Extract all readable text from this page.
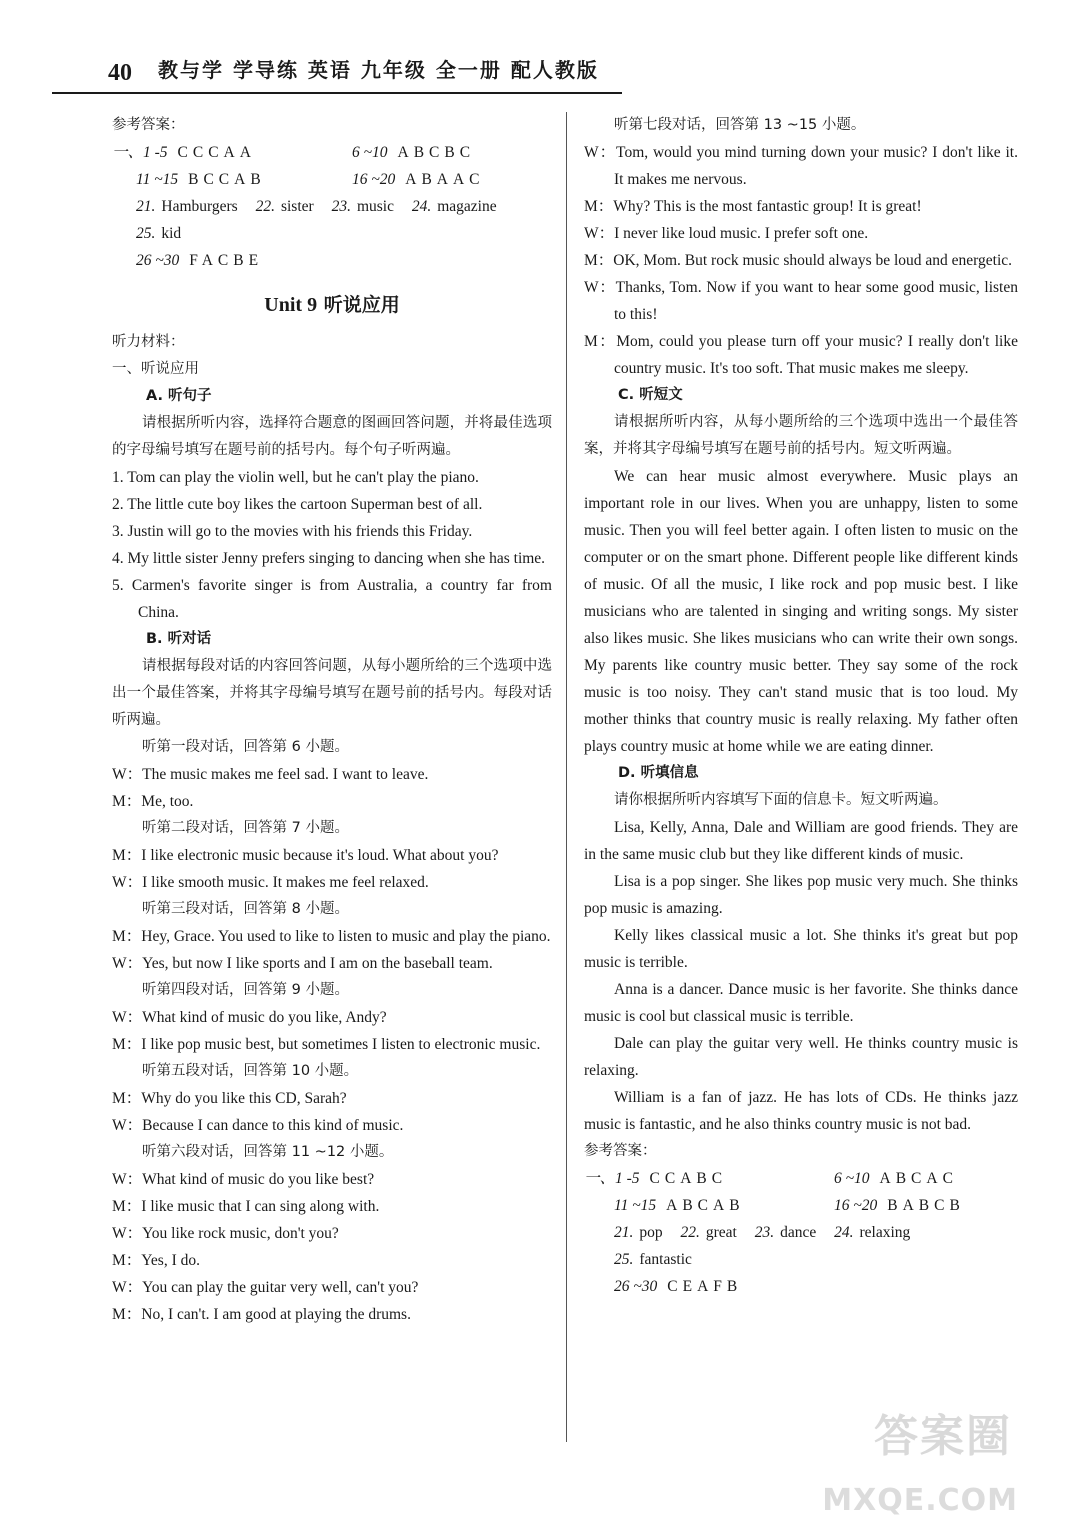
40 教与学 学导练 英语 九年级 全一册 配人教版

参考答案：

一、1 -5 CCCAA	6 ~10 ABCBC
11 ~15 BCCAB	16 ~20 ABAAC

21. Hamburgers 22. sister 23. music 24. magazine

25. kid

26 ~30 FACBE

Unit 9 听说应用

听力材料：

一、听说应用

A. 听句子

请根据所听内容，选择符合题意的图画回答问题，并将最佳选项的字母编号填写在题号前的括号内。每个句子听两遍。

1. Tom can play the violin well, but he can't play the piano.

2. The little cute boy likes the cartoon Superman best of all.

3. Justin will go to the movies with his friends this Friday.

4. My little sister Jenny prefers singing to dancing when she has time.

5. Carmen's favorite singer is from Australia, a country far from China.

B. 听对话

请根据每段对话的内容回答问题，从每小题所给的三个选项中选出一个最佳答案，并将其字母编号填写在题号前的括号内。每段对话听两遍。

听第一段对话，回答第 6 小题。

W：The music makes me feel sad. I want to leave.

M：Me, too.

听第二段对话，回答第 7 小题。

M：I like electronic music because it's loud. What about you?

W：I like smooth music. It makes me feel relaxed.

听第三段对话，回答第 8 小题。

M：Hey, Grace. You used to like to listen to music and play the piano.

W：Yes, but now I like sports and I am on the baseball team.

听第四段对话，回答第 9 小题。

W：What kind of music do you like, Andy?

M：I like pop music best, but sometimes I listen to electronic music.

听第五段对话，回答第 10 小题。

M：Why do you like this CD, Sarah?

W：Because I can dance to this kind of music.

听第六段对话，回答第 11 ~12 小题。

W：What kind of music do you like best?

M：I like music that I can sing along with.

W：You like rock music, don't you?

M：Yes, I do.

W：You can play the guitar very well, can't you?

M：No, I can't. I am good at playing the drums.

听第七段对话，回答第 13 ~15 小题。

W：Tom, would you mind turning down your music? I don't like it. It makes me nervous.

M：Why? This is the most fantastic group! It is great!

W：I never like loud music. I prefer soft one.

M：OK, Mom. But rock music should always be loud and energetic.

W：Thanks, Tom. Now if you want to hear some good music, listen to this!

M：Mom, could you please turn off your music? I really don't like country music. It's too soft. That music makes me sleepy.

C. 听短文

请根据所听内容，从每小题所给的三个选项中选出一个最佳答案，并将其字母编号填写在题号前的括号内。短文听两遍。

We can hear music almost everywhere. Music plays an important role in our lives. When you are unhappy, listen to some music. Then you will feel better again. I often listen to music on the computer or on the smart phone. Different people like different kinds of music. Of all the music, I like rock and pop music best. I like musicians who are talented in singing and writing songs. My sister also likes music. She likes musicians who can write their own songs. My parents like country music better. They say some of the rock music is too noisy. They can't stand music that is too loud. My mother thinks that country music is really relaxing. My father often plays country music at home while we are eating dinner.

D. 听填信息

请你根据所听内容填写下面的信息卡。短文听两遍。

Lisa, Kelly, Anna, Dale and William are good friends. They are in the same music club but they like different kinds of music.

Lisa is a pop singer. She likes pop music very much. She thinks pop music is amazing.

Kelly likes classical music a lot. She thinks it's great but pop music is terrible.

Anna is a dancer. Dance music is her favorite. She thinks dance music is cool but classical music is terrible.

Dale can play the guitar very well. He thinks country music is relaxing.

William is a fan of jazz. He has lots of CDs. He thinks jazz music is fantastic, and he also thinks country music is not bad.

参考答案：

一、1 -5 CCABC	6 ~10 ABCAC
11 ~15 ABCAB	16 ~20 BABCB

21. pop 22. great 23. dance 24. relaxing

25. fantastic

26 ~30 CEAFB

答案圈
MXQE.COM
